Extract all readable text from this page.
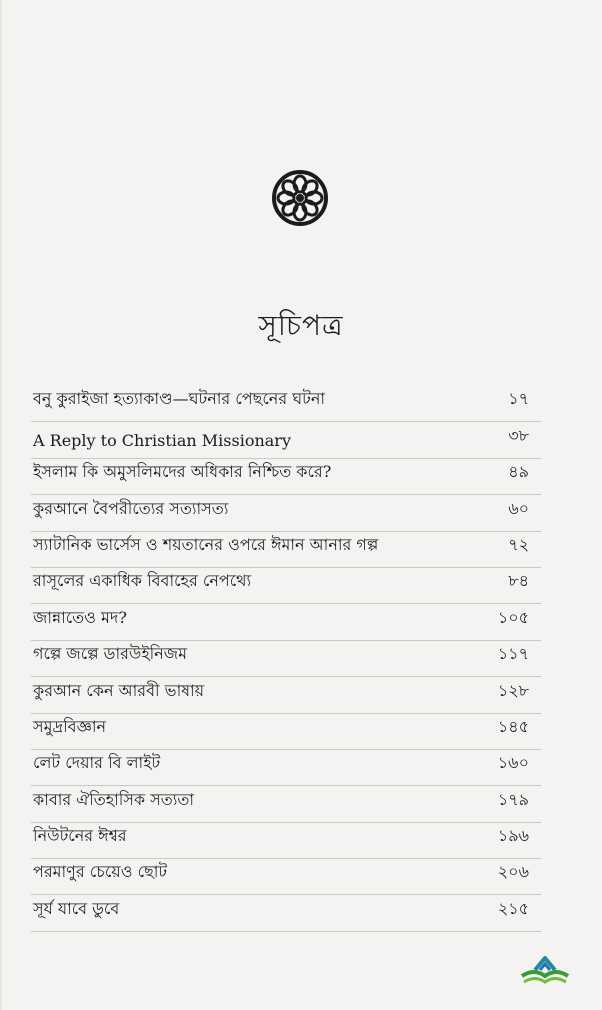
সূচিপত্র
বনু কুরাইজা হত্যাকাণ্ড—ঘটনার পেছনের ঘটনা	১৭
A Reply to Christian Missionary	৩৮
ইসলাম কি অমুসলিমদের অধিকার নিশ্চিত করে?	৪৯
কুরআনে বৈপরীত্যের সত্যাসত্য	৬০
স্যাটানিক ভার্সেস ও শয়তানের ওপরে ঈমান আনার গল্প	৭২
রাসূলের একাধিক বিবাহের নেপথ্যে	৮৪
জান্নাতেও মদ?	১০৫
গল্পে জল্পে ডারউইনিজম	১১৭
কুরআন কেন আরবী ভাষায়	১২৮
সমুদ্রবিজ্ঞান	১৪৫
লেট দেয়ার বি লাইট	১৬০
কাবার ঐতিহাসিক সত্যতা	১৭৯
নিউটনের ঈশ্বর	১৯৬
পরমাণুর চেয়েও ছোট	২০৬
সূর্য যাবে ডুবে	২১৫
